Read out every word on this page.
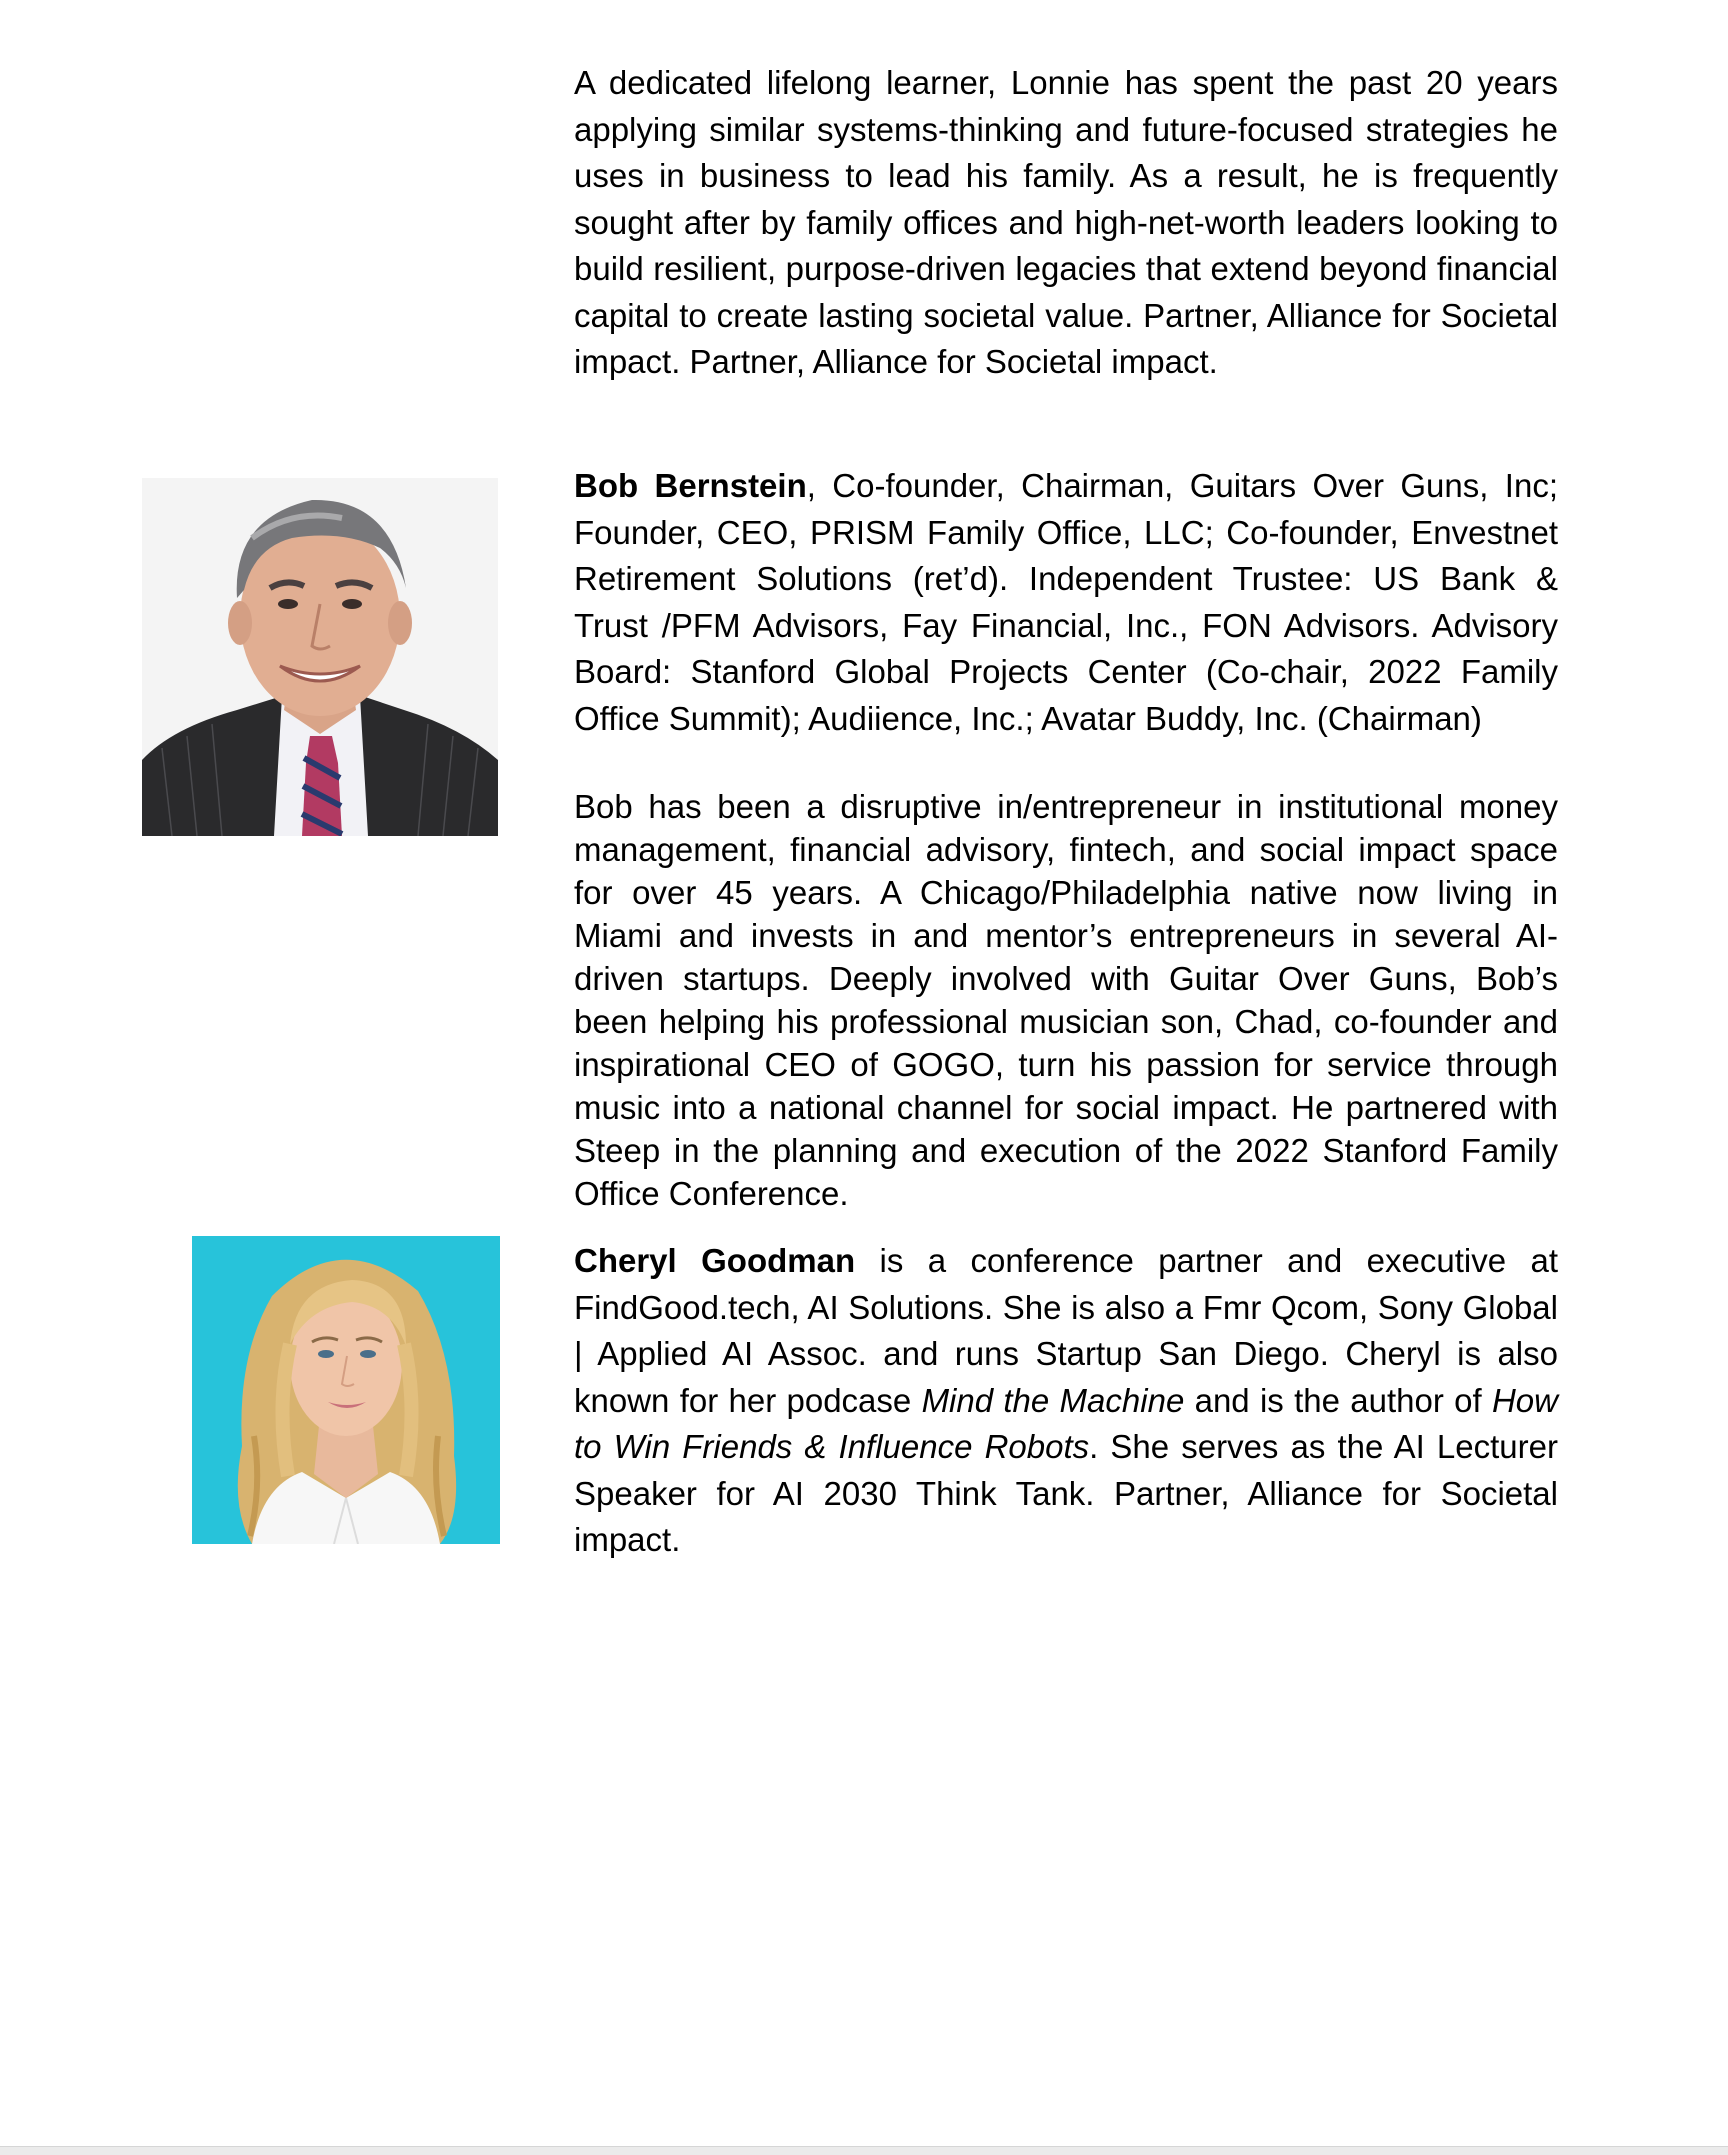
A dedicated lifelong learner, Lonnie has spent the past 20 years applying similar systems-thinking and future-focused strategies he uses in business to lead his family. As a result, he is frequently sought after by family offices and high-net-worth leaders looking to build resilient, purpose-driven legacies that extend beyond financial capital to create lasting societal value. Partner, Alliance for Societal impact. Partner, Alliance for Societal impact.

Bob Bernstein, Co-founder, Chairman, Guitars Over Guns, Inc; Founder, CEO, PRISM Family Office, LLC; Co-founder, Envestnet Retirement Solutions (ret’d). Independent Trustee: US Bank & Trust /PFM Advisors, Fay Financial, Inc., FON Advisors. Advisory Board: Stanford Global Projects Center (Co-chair, 2022 Family Office Summit); Audiience, Inc.; Avatar Buddy, Inc. (Chairman)

Bob has been a disruptive in/entrepreneur in institutional money management, financial advisory, fintech, and social impact space for over 45 years. A Chicago/Philadelphia native now living in Miami and invests in and mentor’s entrepreneurs in several AI-driven startups. Deeply involved with Guitar Over Guns, Bob’s been helping his professional musician son, Chad, co-founder and inspirational CEO of GOGO, turn his passion for service through music into a national channel for social impact. He partnered with Steep in the planning and execution of the 2022 Stanford Family Office Conference.

Cheryl Goodman is a conference partner and executive at FindGood.tech, AI Solutions. She is also a Fmr Qcom, Sony Global | Applied AI Assoc. and runs Startup San Diego. Cheryl is also known for her podcase Mind the Machine and is the author of How to Win Friends & Influence Robots. She serves as the AI Lecturer Speaker for AI 2030 Think Tank. Partner, Alliance for Societal impact.
